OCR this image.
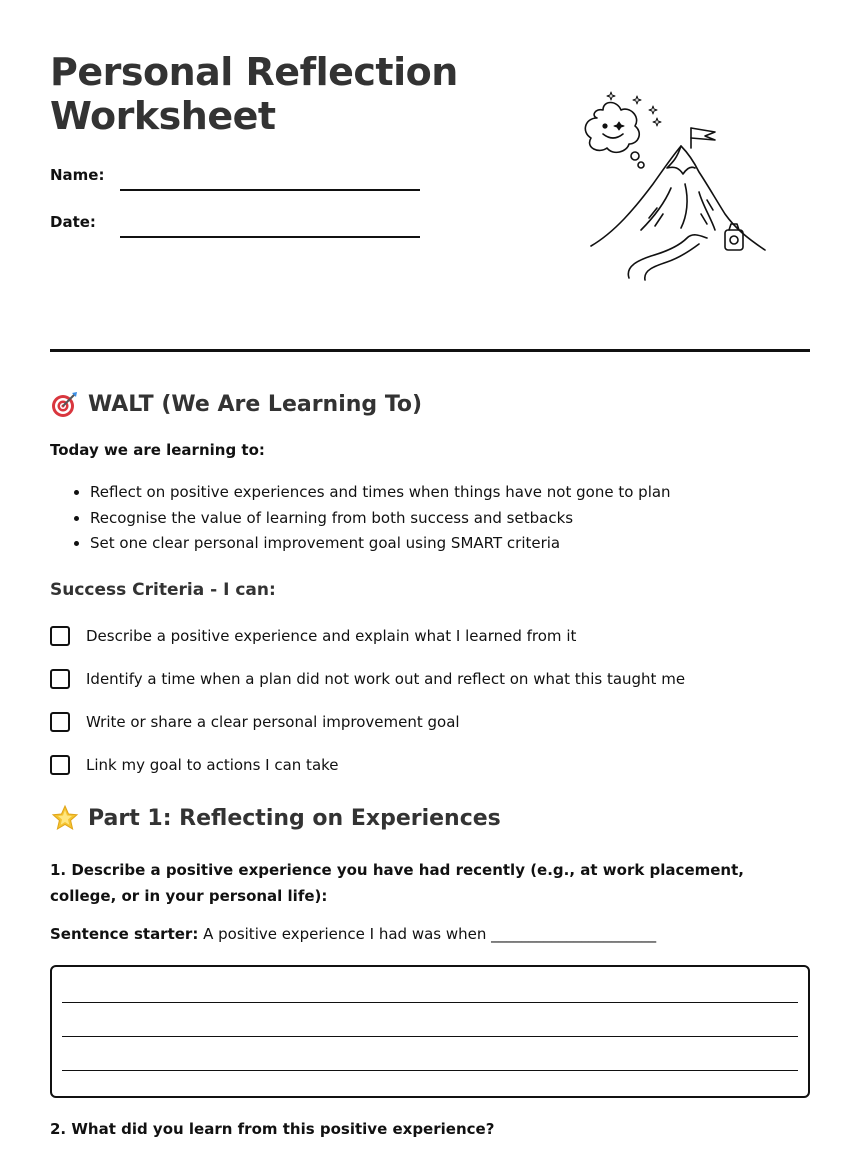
Personal Reflection
Worksheet
Name:
Date:
WALT (We Are Learning To)
Today we are learning to:
• Reflect on positive experiences and times when things have not gone to plan
• Recognise the value of learning from both success and setbacks
• Set one clear personal improvement goal using SMART criteria
Success Criteria - I can:
Describe a positive experience and explain what I learned from it
Identify a time when a plan did not work out and reflect on what this taught me
Write or share a clear personal improvement goal
Link my goal to actions I can take
Part 1: Reflecting on Experiences

1. Describe a positive experience you have had recently (e.g., at work placement, college, or in your personal life):

Sentence starter: A positive experience I had was when ______________________

2. What did you learn from this positive experience?
